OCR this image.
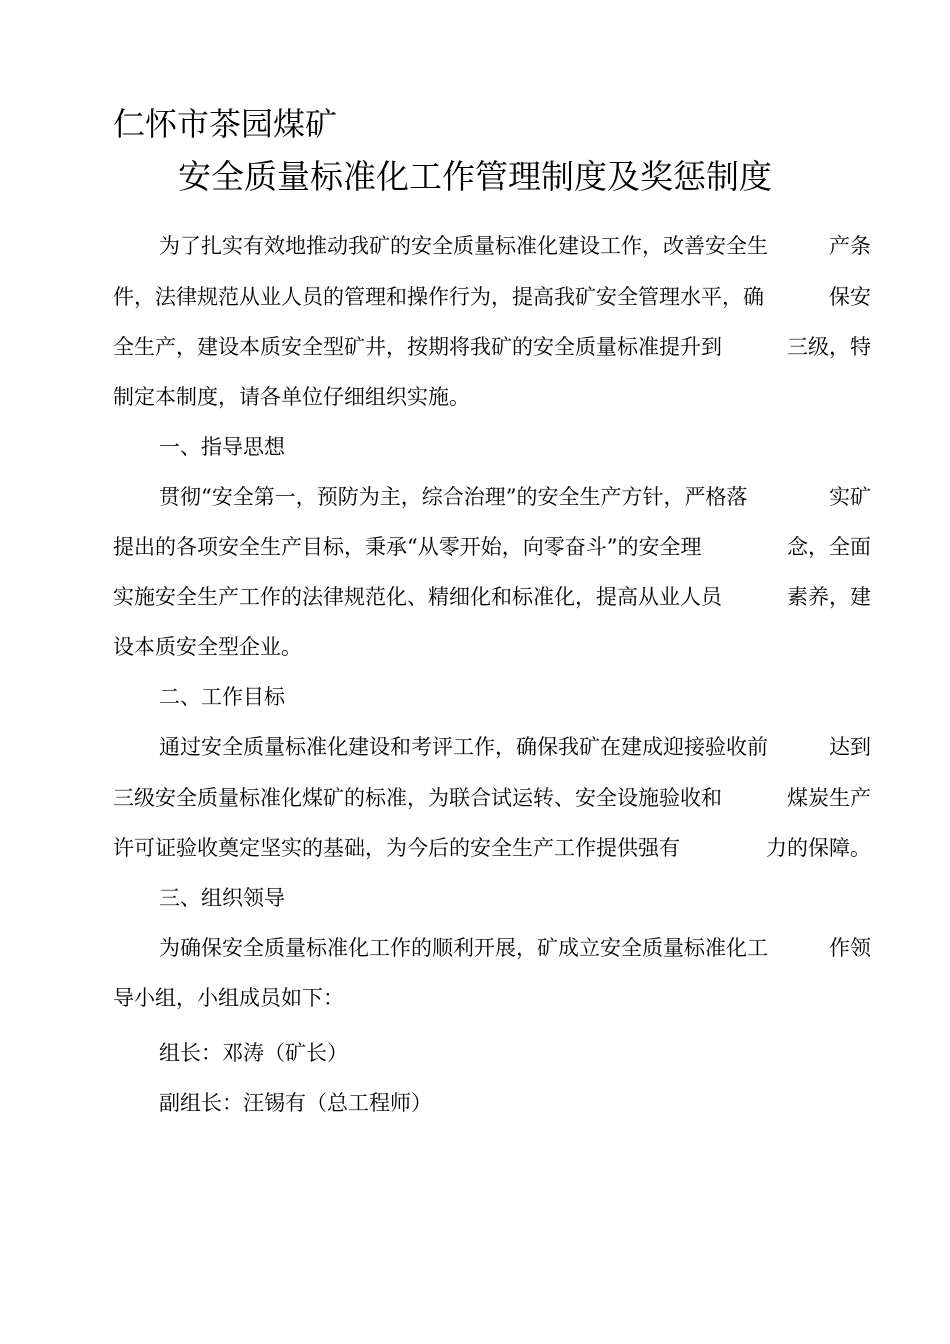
仁怀市茶园煤矿
安全质量标准化工作管理制度及奖惩制度
为了扎实有效地推动我矿的安全质量标准化建设工作，改善安全生	产条
件，法律规范从业人员的管理和操作行为，提高我矿安全管理水平，确	保安
全生产，建设本质安全型矿井，按期将我矿的安全质量标准提升到	三级，特
制定本制度，请各单位仔细组织实施。
一、指导思想
贯彻“安全第一，预防为主，综合治理”的安全生产方针，严格落	实矿
提出的各项安全生产目标，秉承“从零开始，向零奋斗”的安全理	念，全面
实施安全生产工作的法律规范化、精细化和标准化，提高从业人员	素养，建
设本质安全型企业。
二、工作目标
通过安全质量标准化建设和考评工作，确保我矿在建成迎接验收前	达到
三级安全质量标准化煤矿的标准，为联合试运转、安全设施验收和	煤炭生产
许可证验收奠定坚实的基础，为今后的安全生产工作提供强有	力的保障。
三、组织领导
为确保安全质量标准化工作的顺利开展，矿成立安全质量标准化工	作领
导小组，小组成员如下：
组长：邓涛（矿长）
副组长：汪锡有（总工程师）
